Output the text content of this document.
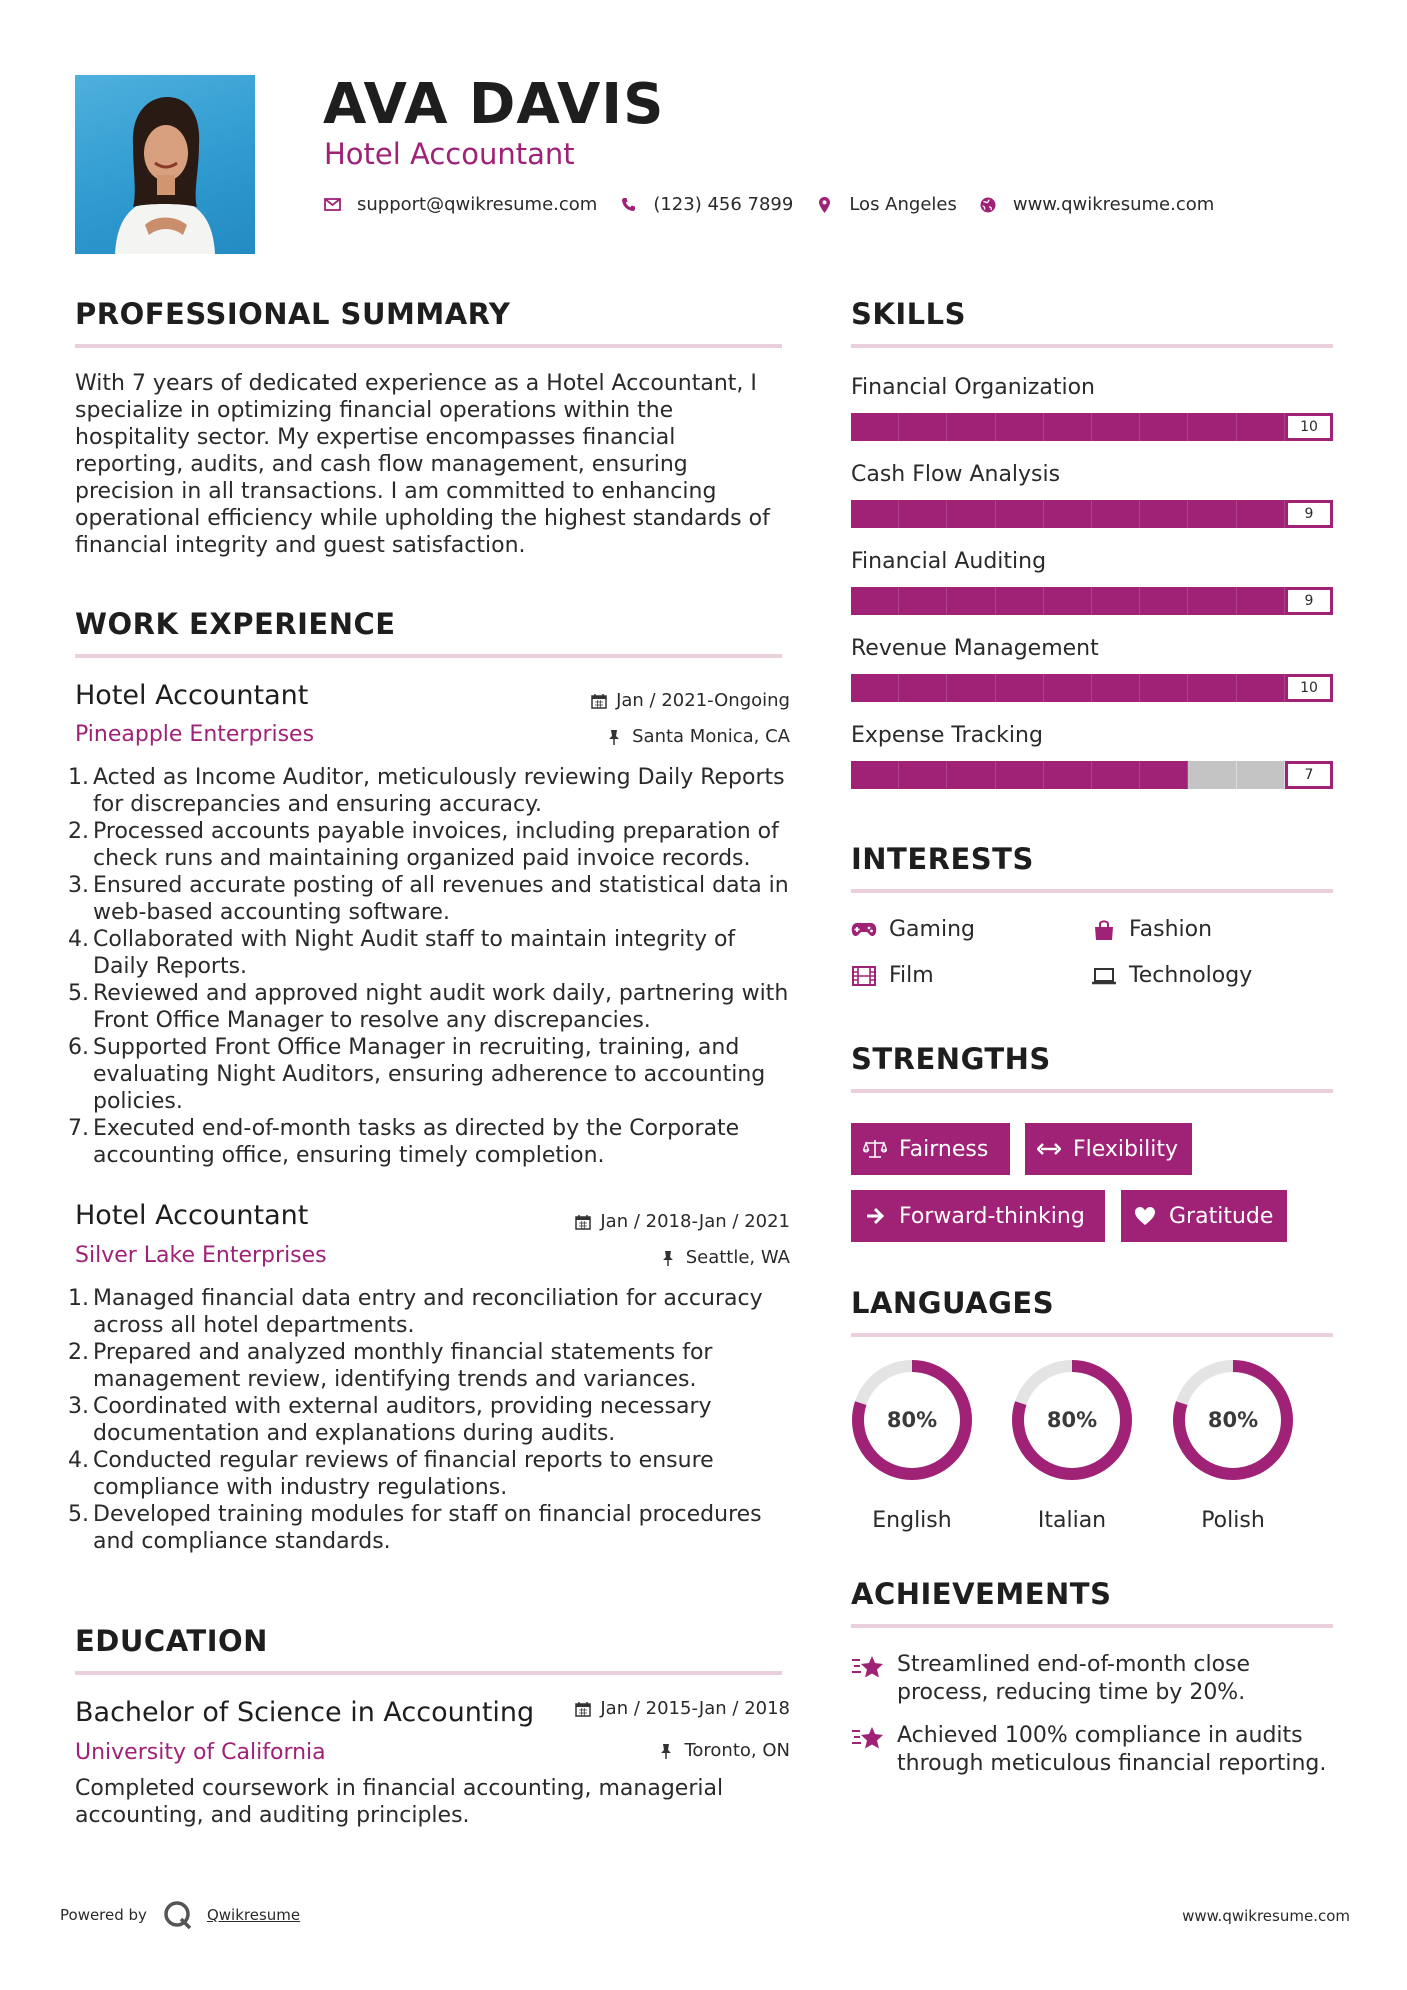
AVA DAVIS
Hotel Accountant
support@qwikresume.com	(123) 456 7899	Los Angeles	www.qwikresume.com
PROFESSIONAL SUMMARY
With 7 years of dedicated experience as a Hotel Accountant, I specialize in optimizing financial operations within the hospitality sector. My expertise encompasses financial reporting, audits, and cash flow management, ensuring precision in all transactions. I am committed to enhancing operational efficiency while upholding the highest standards of financial integrity and guest satisfaction.
WORK EXPERIENCE
Hotel Accountant	Jan / 2021-Ongoing
Pineapple Enterprises	Santa Monica, CA
1. Acted as Income Auditor, meticulously reviewing Daily Reports for discrepancies and ensuring accuracy.
2. Processed accounts payable invoices, including preparation of check runs and maintaining organized paid invoice records.
3. Ensured accurate posting of all revenues and statistical data in web-based accounting software.
4. Collaborated with Night Audit staff to maintain integrity of Daily Reports.
5. Reviewed and approved night audit work daily, partnering with Front Office Manager to resolve any discrepancies.
6. Supported Front Office Manager in recruiting, training, and evaluating Night Auditors, ensuring adherence to accounting policies.
7. Executed end-of-month tasks as directed by the Corporate accounting office, ensuring timely completion.
Hotel Accountant	Jan / 2018-Jan / 2021
Silver Lake Enterprises	Seattle, WA
1. Managed financial data entry and reconciliation for accuracy across all hotel departments.
2. Prepared and analyzed monthly financial statements for management review, identifying trends and variances.
3. Coordinated with external auditors, providing necessary documentation and explanations during audits.
4. Conducted regular reviews of financial reports to ensure compliance with industry regulations.
5. Developed training modules for staff on financial procedures and compliance standards.
EDUCATION
Bachelor of Science in Accounting	Jan / 2015-Jan / 2018
University of California	Toronto, ON
Completed coursework in financial accounting, managerial accounting, and auditing principles.
SKILLS
Financial Organization
10
Cash Flow Analysis
9
Financial Auditing
9
Revenue Management
10
Expense Tracking
7
INTERESTS
Gaming	Fashion
Film	Technology
STRENGTHS
Fairness	Flexibility
Forward-thinking	Gratitude
LANGUAGES
80%
English
80%
Italian
80%
Polish
ACHIEVEMENTS
Streamlined end-of-month close process, reducing time by 20%.
Achieved 100% compliance in audits through meticulous financial reporting.
Powered by	Qwikresume	www.qwikresume.com
